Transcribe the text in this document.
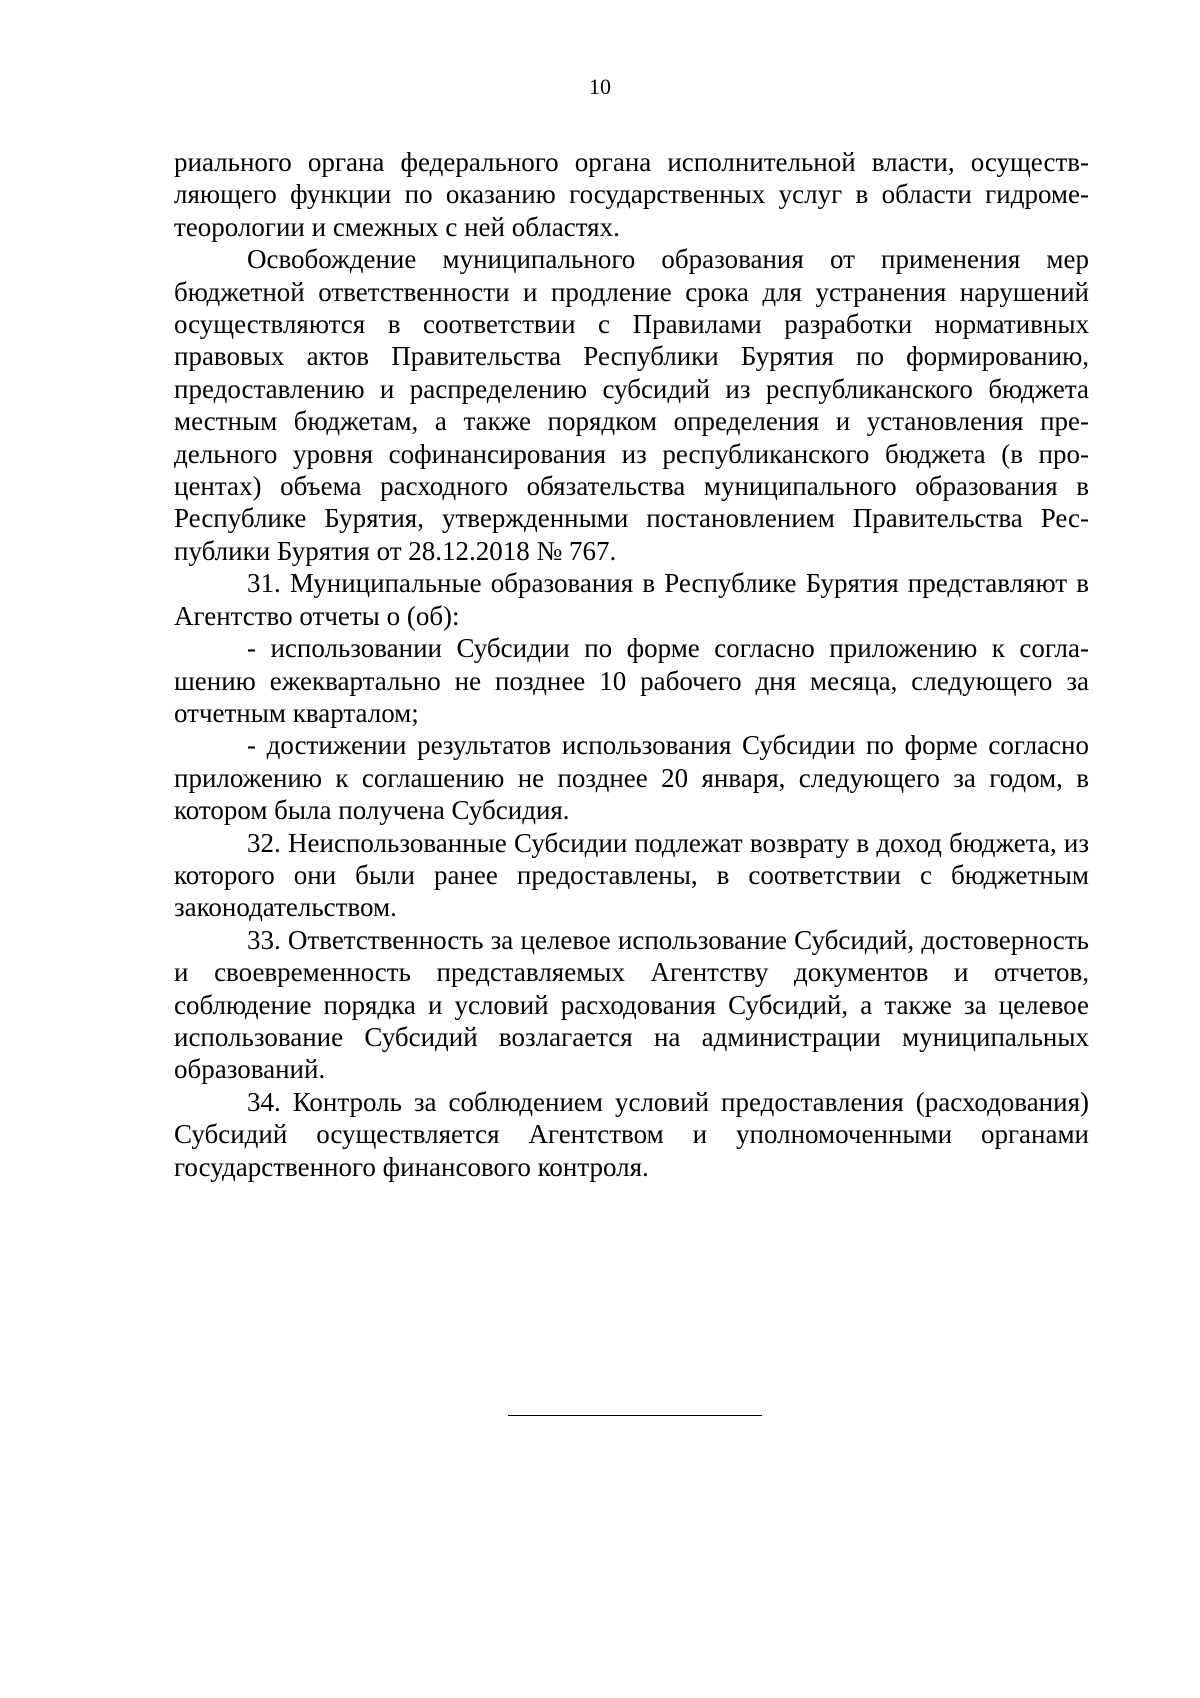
10

риального органа федерального органа исполнительной власти, осуществляющего функции по оказанию государственных услуг в области гидрометеорологии и смежных с ней областях.

Освобождение муниципального образования от применения мер бюджетной ответственности и продление срока для устранения нарушений осуществляются в соответствии с Правилами разработки нормативных правовых актов Правительства Республики Бурятия по формированию, предоставлению и распределению субсидий из республиканского бюджета местным бюджетам, а также порядком определения и установления предельного уровня софинансирования из республиканского бюджета (в процентах) объема расходного обязательства муниципального образования в Республике Бурятия, утвержденными постановлением Правительства Республики Бурятия от 28.12.2018 № 767.

31. Муниципальные образования в Республике Бурятия представляют в Агентство отчеты о (об):

- использовании Субсидии по форме согласно приложению к соглашению ежеквартально не позднее 10 рабочего дня месяца, следующего за отчетным кварталом;

- достижении результатов использования Субсидии по форме согласно приложению к соглашению не позднее 20 января, следующего за годом, в котором была получена Субсидия.

32. Неиспользованные Субсидии подлежат возврату в доход бюджета, из которого они были ранее предоставлены, в соответствии с бюджетным законодательством.

33. Ответственность за целевое использование Субсидий, достоверность и своевременность представляемых Агентству документов и отчетов, соблюдение порядка и условий расходования Субсидий, а также за целевое использование Субсидий возлагается на администрации муниципальных образований.

34. Контроль за соблюдением условий предоставления (расходования) Субсидий осуществляется Агентством и уполномоченными органами государственного финансового контроля.
